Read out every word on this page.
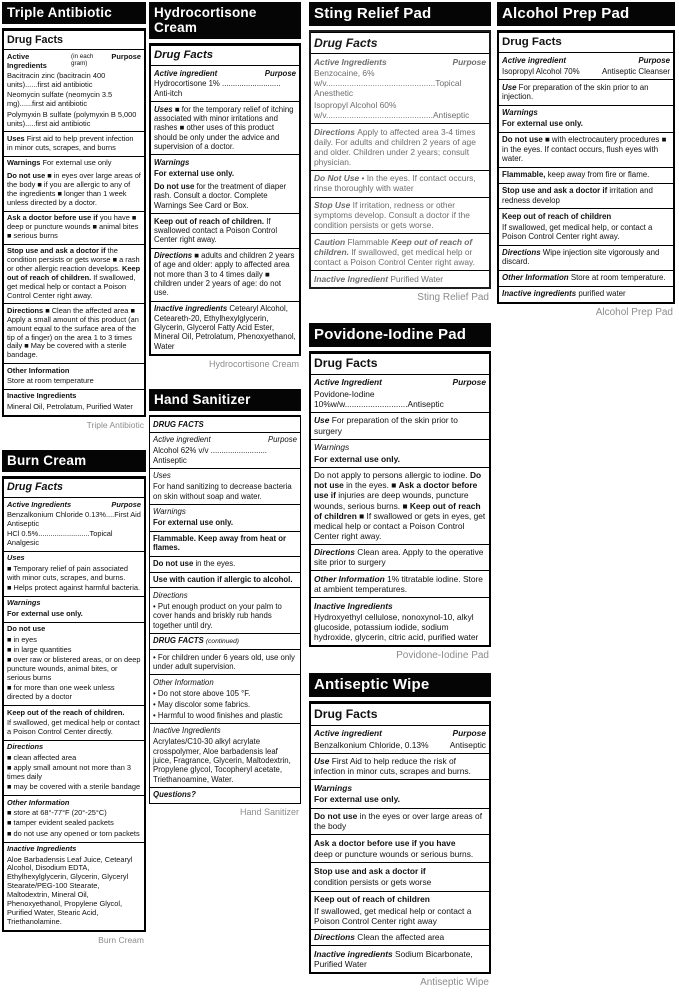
Triple Antibiotic

Drug Facts

Active Ingredients
(in each gram)
Purpose

Bacitracin zinc (bacitracin 400 units)......first aid antibiotic

Neomycin sulfate (neomycin 3.5 mg)......first aid antibiotic

Polymyxin B sulfate (polymyxin B 5,000 units).....first aid antibiotic

Uses First aid to help prevent infection in minor cuts, scrapes, and burns

Warnings For external use only

Do not use ■ in eyes over large areas of the body ■ if you are allergic to any of the ingredients ■ longer than 1 week unless directed by a doctor.

Ask a doctor before use if you have ■ deep or puncture wounds ■ animal bites ■ serious burns

Stop use and ask a doctor if the condition persists or gets worse ■ a rash or other allergic reaction develops. Keep out of reach of children. If swallowed, get medical help or contact a Poison Control Center right away.

Directions ■ Clean the affected area ■ Apply a small amount of this product (an amount equal to the surface area of the tip of a finger) on the area 1 to 3 times daily ■ May be covered with a sterile bandage.

Other Information

Store at room temperature

Inactive Ingredients

Mineral Oil, Petrolatum, Purified Water

Triple Antibiotic
Burn Cream

Drug Facts

Active Ingredients	Purpose

Benzalkonium Chloride 0.13%....First Aid Antiseptic

HCl 0.5%.........................Topical Analgesic

Uses

■ Temporary relief of pain associated with minor cuts, scrapes, and burns.

■ Helps protect against harmful bacteria.

Warnings

For external use only.

Do not use

■ in eyes

■ in large quantities

■ over raw or blistered areas, or on deep puncture wounds, animal bites, or serious burns

■ for more than one week unless directed by a doctor

Keep out of the reach of children.

If swallowed, get medical help or contact a Poison Control Center directly.

Directions

■ clean affected area

■ apply small amount not more than 3 times daily

■ may be covered with a sterile bandage

Other Information

■ store at 68°-77°F (20°-25°C)

■ tamper evident sealed packets

■ do not use any opened or torn packets

Inactive Ingredients

Aloe Barbadensis Leaf Juice, Cetearyl Alcohol, Disodium EDTA, Ethylhexylglycerin, Glycerin, Glyceryl Stearate/PEG-100 Stearate, Maltodextrin, Mineral Oil, Phenoxyethanol, Propylene Glycol, Purified Water, Stearic Acid, Triethanolamine.

Burn Cream
Hydrocortisone Cream

Drug Facts

Active ingredient	Purpose

Hydrocortisone 1% ........................... Anti-itch

Uses ■ for the temporary relief of itching associated with minor irritations and rashes ■ other uses of this product should be only under the advice and supervision of a doctor.

Warnings

For external use only.

Do not use for the treatment of diaper rash. Consult a doctor. Complete Warnings See Card or Box.

Keep out of reach of children. If swallowed contact a Poison Control Center right away.

Directions ■ adults and children 2 years of age and older: apply to affected area not more than 3 to 4 times daily ■ children under 2 years of age: do not use.

Inactive ingredients Cetearyl Alcohol, Ceteareth-20, Ethylhexylglycerin, Glycerin, Glycerol Fatty Acid Ester, Mineral Oil, Petrolatum, Phenoxyethanol, Water

Hydrocortisone Cream
Hand Sanitizer

DRUG FACTS

Active ingredient	Purpose

Alcohol 62% v/v .......................... Antiseptic

Uses

For hand sanitizing to decrease bacteria on skin without soap and water.

Warnings

For external use only.

Flammable. Keep away from heat or flames.

Do not use in the eyes.

Use with caution if allergic to alcohol.

Directions

• Put enough product on your palm to cover hands and briskly rub hands together until dry.

DRUG FACTS (continued)

• For children under 6 years old, use only under adult supervision.

Other Information

• Do not store above 105 °F.

• May discolor some fabrics.

• Harmful to wood finishes and plastic

Inactive Ingredients

Acrylates/C10-30 alkyl acrylate crosspolymer, Aloe barbadensis leaf juice, Fragrance, Glycerin, Maltodextrin, Propylene glycol, Tocopheryl acetate, Triethanoamine, Water.

Questions?

Hand Sanitizer
Sting Relief Pad

Drug Facts

Active Ingredients	Purpose

Benzocaine, 6% w/v...............................................Topical Anesthetic

Isopropyl Alcohol 60% w/v..............................................Antiseptic

Directions Apply to affected area 3-4 times daily. For adults and children 2 years of age and older. Children under 2 years; consult physician.

Do Not Use • In the eyes. If contact occurs, rinse thoroughly with water

Stop Use If irritation, redness or other symptoms develop. Consult a doctor if the condition persists or gets worse.

Caution Flammable Keep out of reach of children. If swallowed, get medical help or contact a Poison Control Center right away.

Inactive Ingredient Purified Water

Sting Relief Pad
Povidone-Iodine Pad

Drug Facts

Active Ingredient	Purpose

Povidone-Iodine 10%w/w...........................Antiseptic

Use For preparation of the skin prior to surgery

Warnings

For external use only.

Do not apply to persons allergic to iodine. Do not use in the eyes. ■ Ask a doctor before use if injuries are deep wounds, puncture wounds, serious burns. ■ Keep out of reach of children ■ If swallowed or gets in eyes, get medical help or contact a Poison Control Center right away.

Directions Clean area. Apply to the operative site prior to surgery

Other Information 1% titratable iodine. Store at ambient temperatures.

Inactive Ingredients

Hydroxyethyl cellulose, nonoxynol-10, alkyl glucoside, potassium iodide, sodium hydroxide, glycerin, citric acid, purified water

Povidone-Iodine Pad
Antiseptic Wipe

Drug Facts

Active ingredient	Purpose

Benzalkonium Chloride, 0.13%	Antiseptic

Use First Aid to help reduce the risk of infection in minor cuts, scrapes and burns.

Warnings

For external use only.

Do not use in the eyes or over large areas of the body

Ask a doctor before use if you have

deep or puncture wounds or serious burns.

Stop use and ask a doctor if

condition persists or gets worse

Keep out of reach of children

If swallowed, get medical help or contact a Poison Control Center right away

Directions Clean the affected area

Inactive ingredients Sodium Bicarbonate, Purified Water

Antiseptic Wipe
Alcohol Prep Pad

Drug Facts

Active ingredient	Purpose

Isopropyl Alcohol 70%	Antiseptic Cleanser

Use For preparation of the skin prior to an injection.

Warnings

For external use only.

Do not use ■ with electrocautery procedures ■ in the eyes. If contact occurs, flush eyes with water.

Flammable, keep away from fire or flame.

Stop use and ask a doctor if irritation and redness develop

Keep out of reach of children

If swallowed, get medical help, or contact a Poison Control Center right away.

Directions Wipe injection site vigorously and discard.

Other Information Store at room temperature.

Inactive ingredients purified water

Alcohol Prep Pad
